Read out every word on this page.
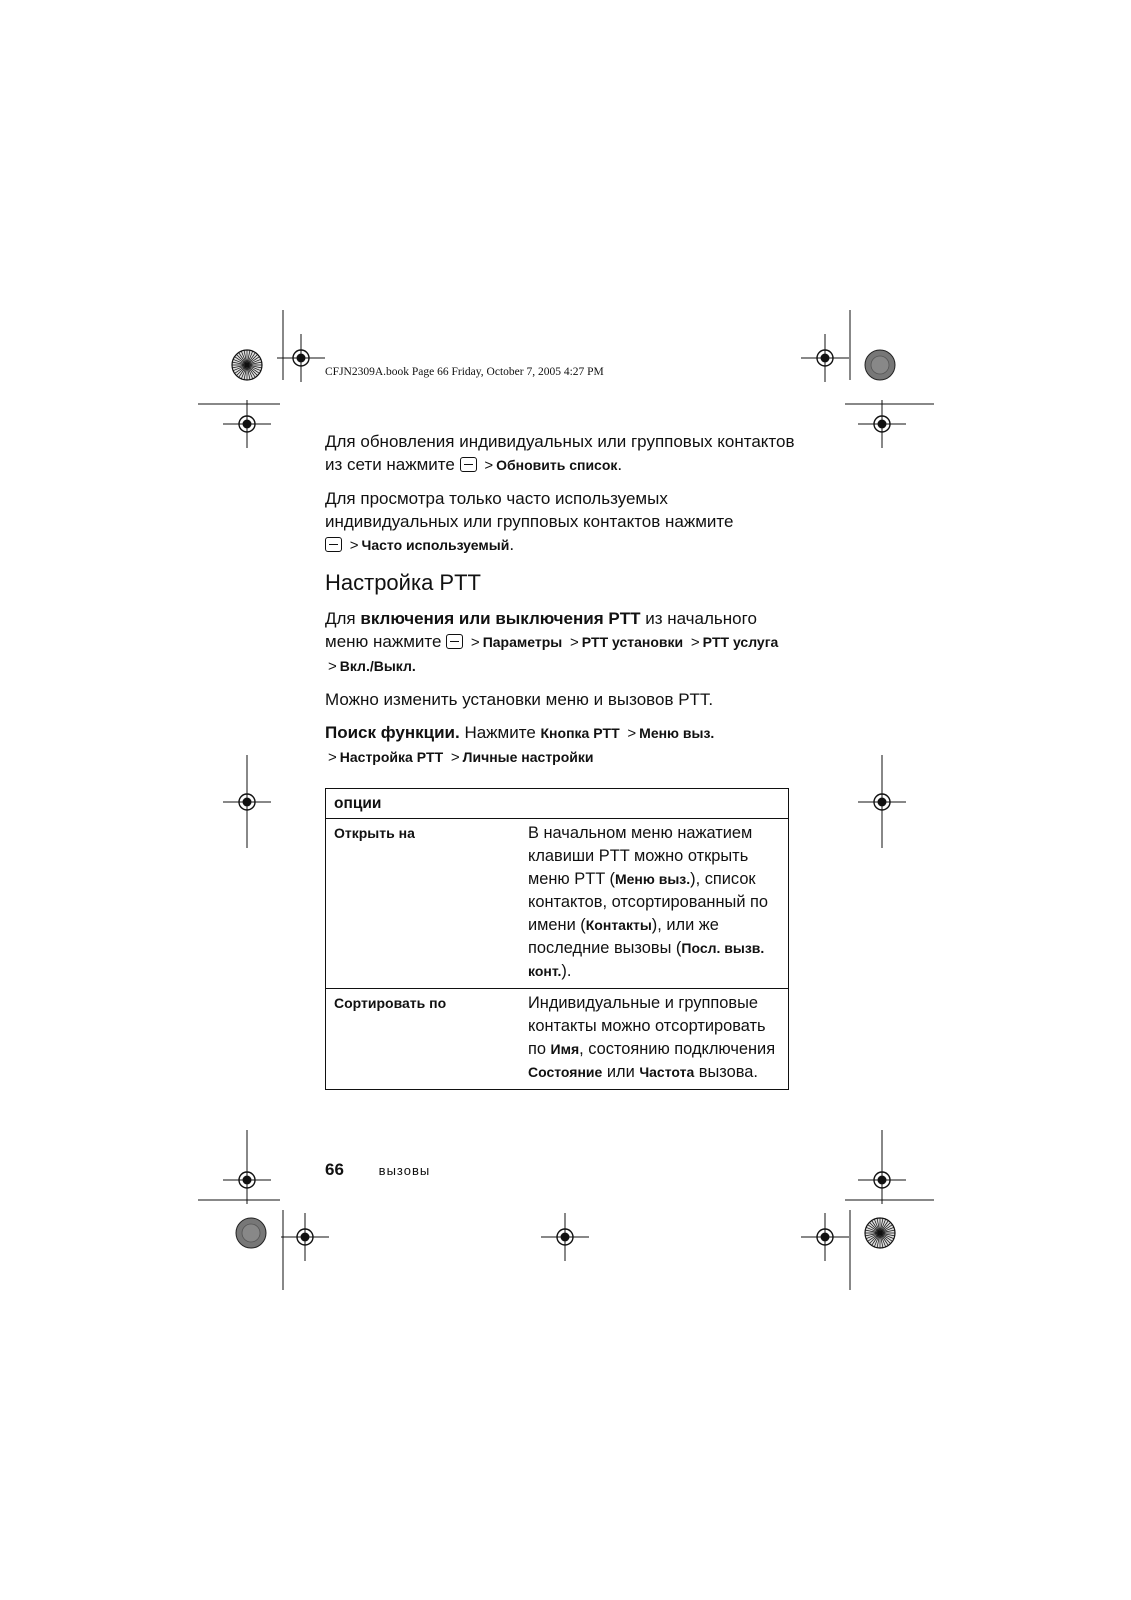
CFJN2309A.book Page 66 Friday, October 7, 2005 4:27 PM

Для обновления индивидуальных или групповых контактов из сети нажмите > Обновить список.

Для просмотра только часто используемых индивидуальных или групповых контактов нажмите
> Часто используемый.

Настройка PTT

Для включения или выключения PTT из начального меню нажмите > Параметры > PTT установки > PTT услуга
> Вкл./Выкл.

Можно изменить установки меню и вызовов PTT.

Поиск функции. Нажмите Кнопка PTT > Меню выз.
> Настройка PTT > Личные настройки

опции	
Открыть на	В начальном меню нажатием клавиши PTT можно открыть меню PTT (Меню выз.), список контактов, отсортированный по имени (Контакты), или же последние вызовы (Посл. вызв. конт.).
Сортировать по	Индивидуальные и групповые контакты можно отсортировать по Имя, состоянию подключения Состояние или Частота вызова.
66	вызовы
